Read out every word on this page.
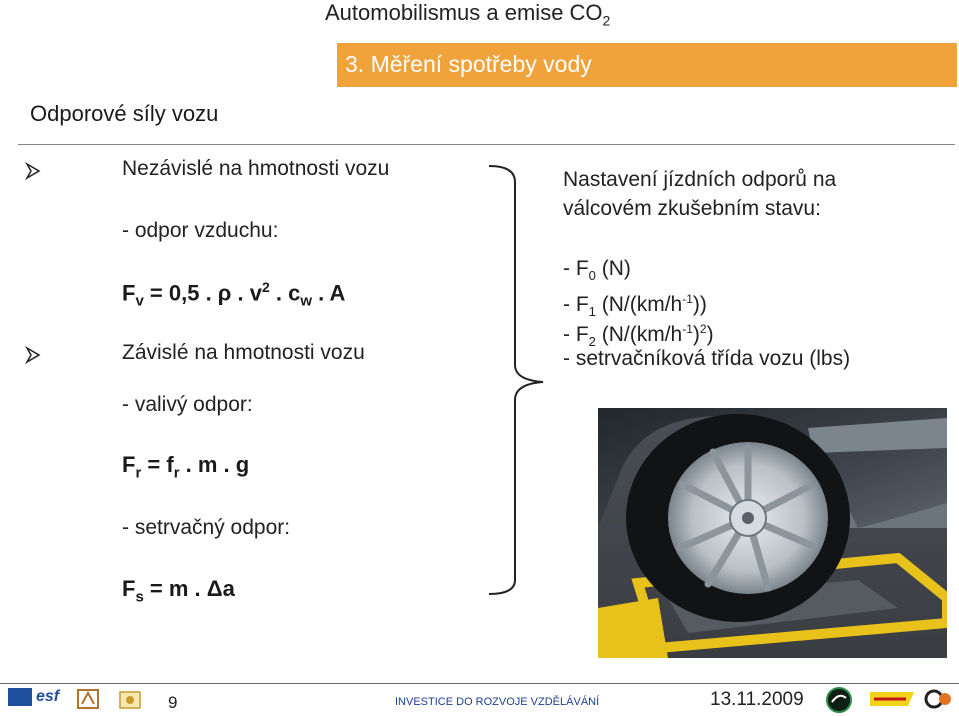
Automobilismus a emise $CO_2$
3. Měření spotřeby vody
Odporové síly vozu
Nezávislé na hmotnosti vozu
- odpor vzduchu:
$F_v = 0,5$ . ρ . $v^2$ . $c_w$ . A
Závislé na hmotnosti vozu
- valivý odpor:
$F_r = f_r$ . m . g
- setrvačný odpor:
$F_s = m$ . Δa
Nastavení jízdních odporů na
válcovém zkušebním stavu:
- $F_0$ (N)
- $F_1$ $(N/(km/h^{-1}))$
- $F_2$ $(N/(km/h^{-1})^2)$
- setrvačníková třída vozu (lbs)
esf	9	INVESTICE DO ROZVOJE VZDĚLÁVÁNÍ	13.11.2009
